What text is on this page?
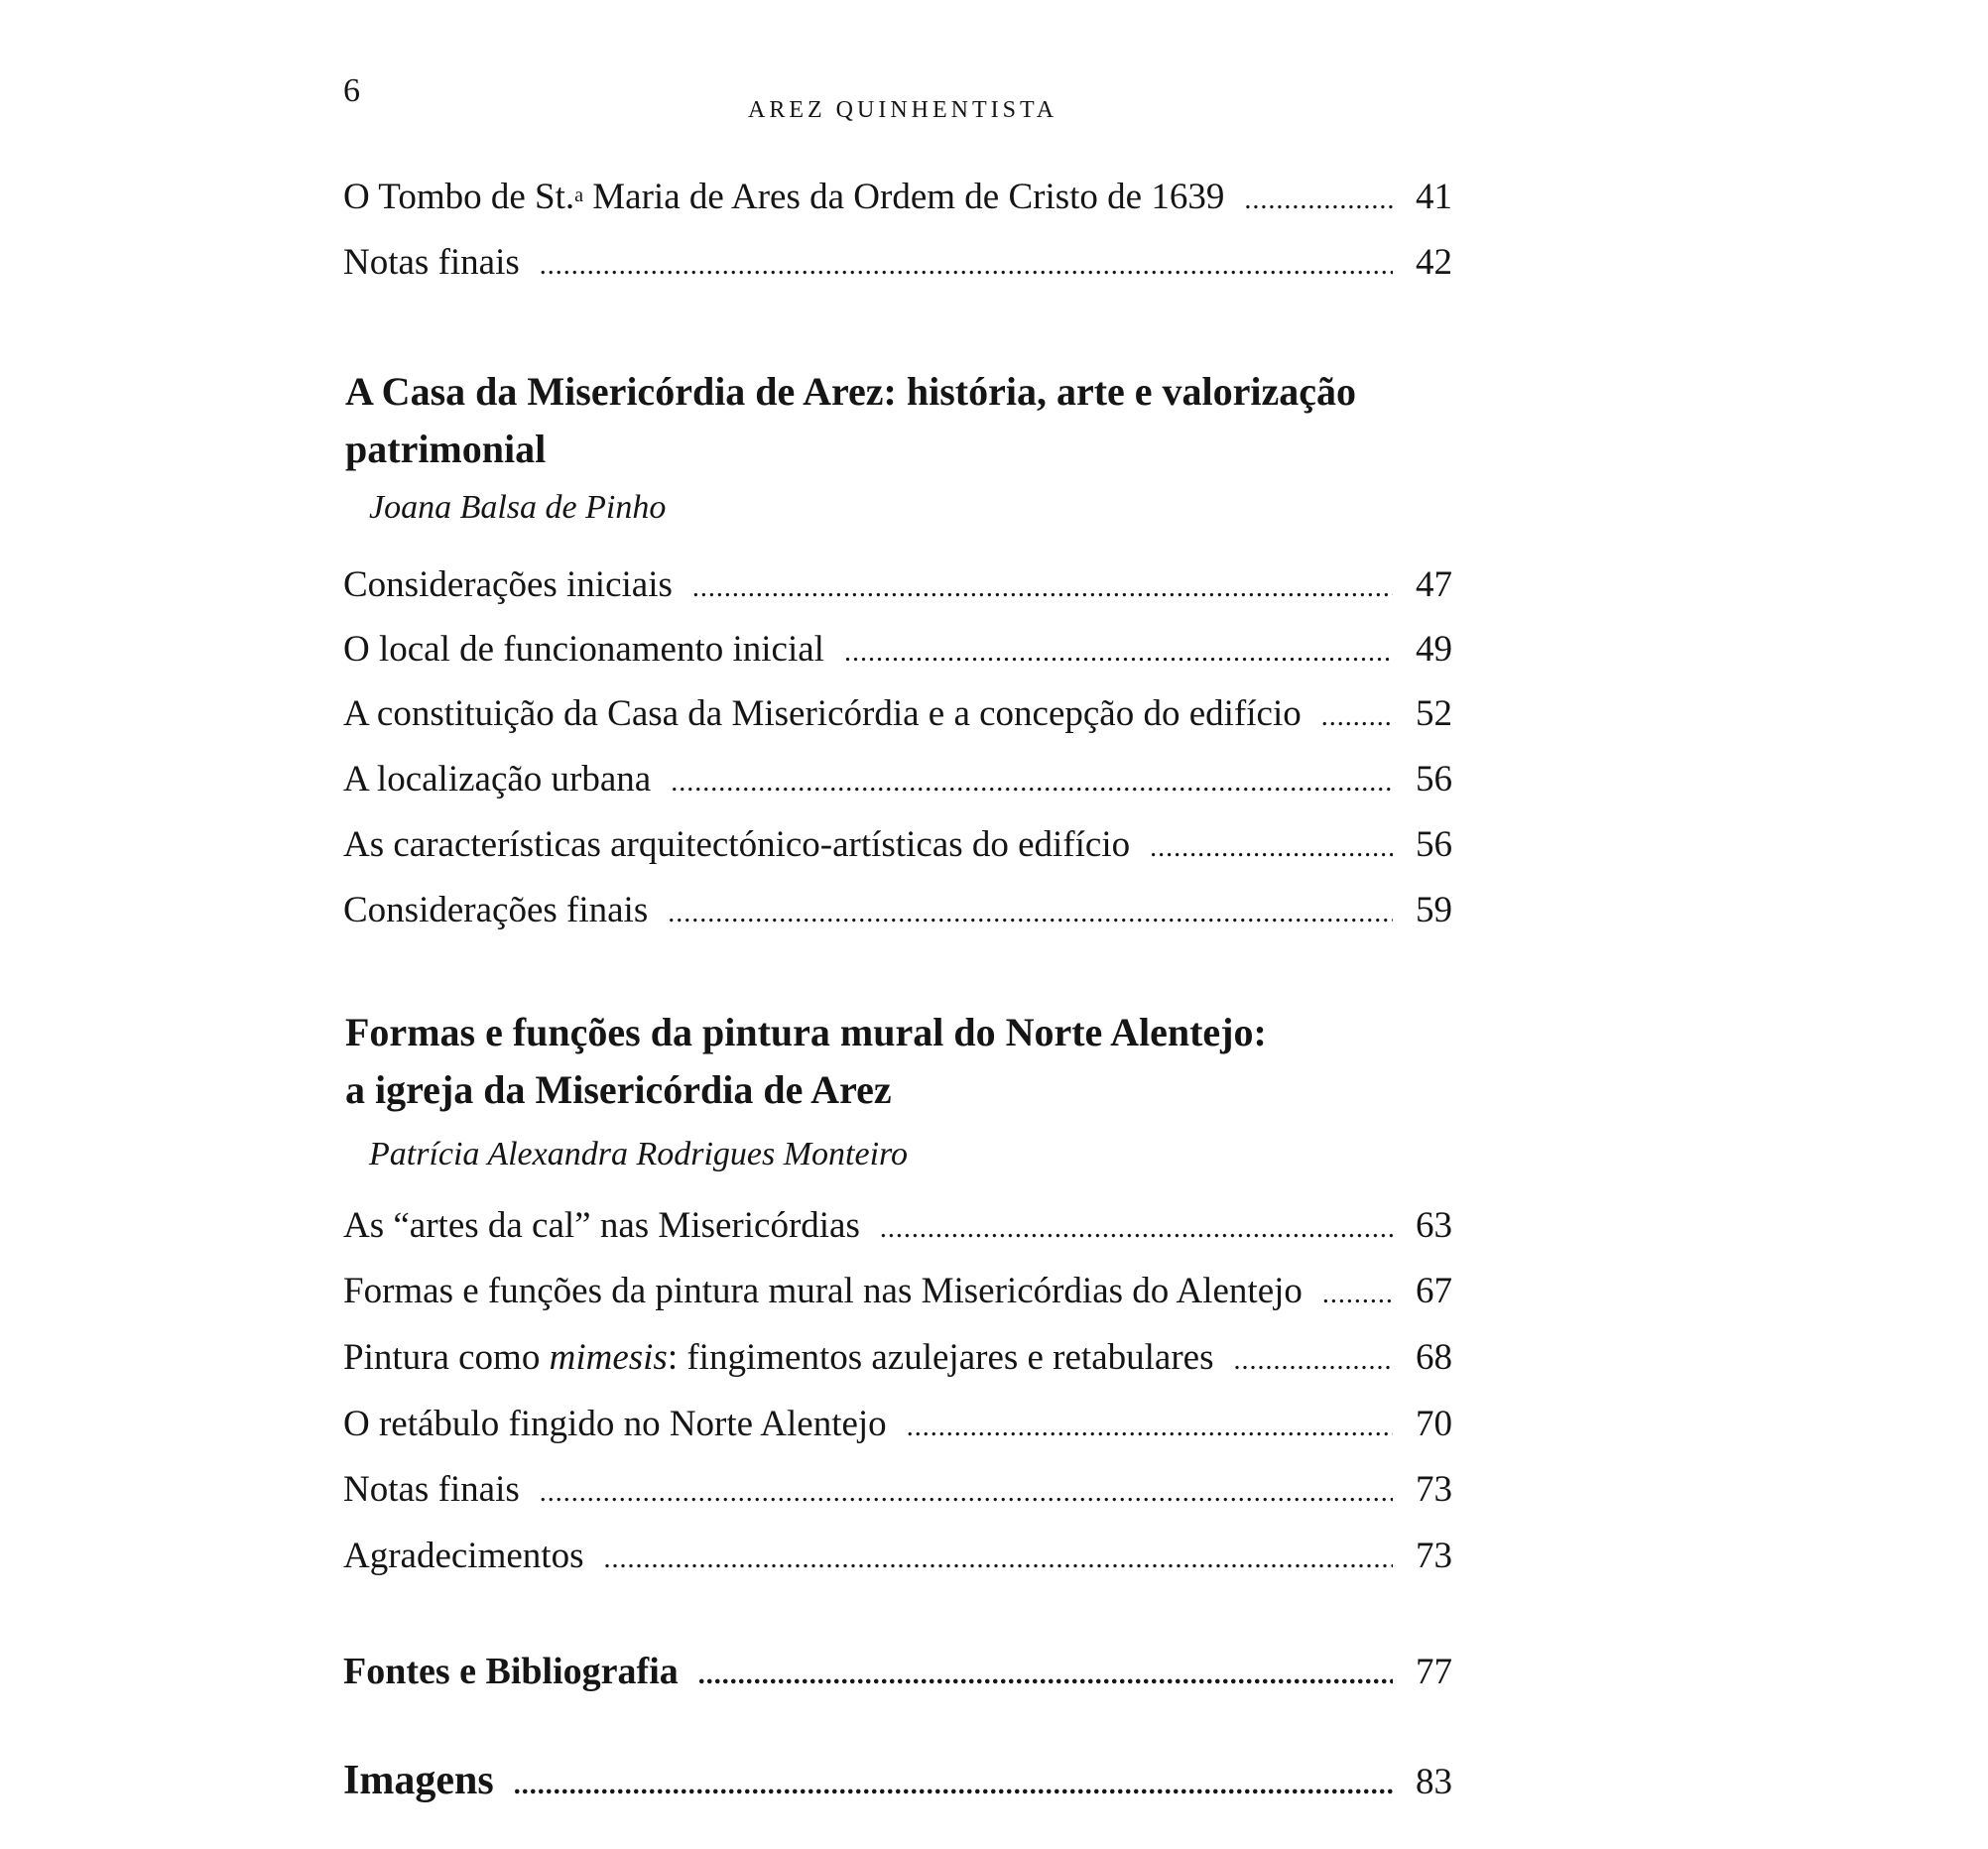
6
AREZ QUINHENTISTA
O Tombo de St.$^a$ Maria de Ares da Ordem de Cristo de 1639 .....	41
Notas finais .....	42
A Casa da Misericórdia de Arez: história, arte e valorização
patrimonial
Joana Balsa de Pinho
Considerações iniciais .....	47
O local de funcionamento inicial .....	49
A constituição da Casa da Misericórdia e a concepção do edifício .....	52
A localização urbana .....	56
As características arquitectónico-artísticas do edifício .....	56
Considerações finais .....	59
Formas e funções da pintura mural do Norte Alentejo:
a igreja da Misericórdia de Arez
Patrícia Alexandra Rodrigues Monteiro
As “artes da cal” nas Misericórdias .....	63
Formas e funções da pintura mural nas Misericórdias do Alentejo .....	67
Pintura como mimesis: fingimentos azulejares e retabulares .....	68
O retábulo fingido no Norte Alentejo .....	70
Notas finais .....	73
Agradecimentos .....	73
Fontes e Bibliografia .....	77
Imagens .....	83
